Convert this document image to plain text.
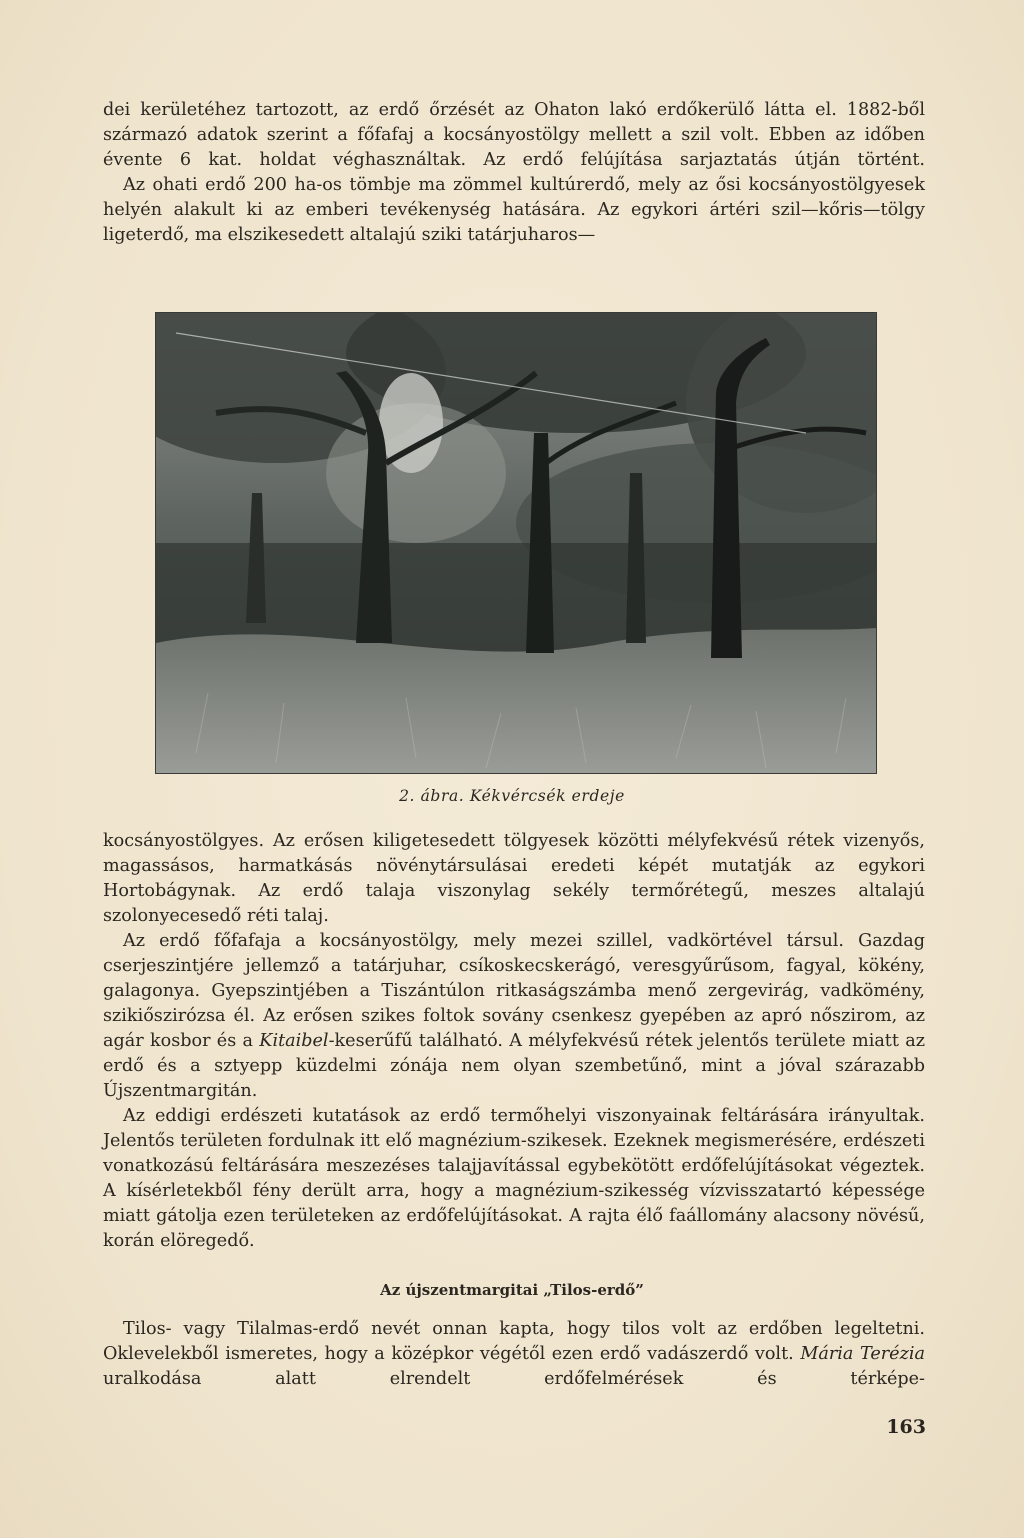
dei kerületéhez tartozott, az erdő őrzését az Ohaton lakó erdőkerülő látta el. 1882-ből származó adatok szerint a főfafaj a kocsányostölgy mellett a szil volt. Ebben az időben évente 6 kat. holdat véghasználtak. Az erdő felújítása sarjaztatás útján történt.

Az ohati erdő 200 ha-os tömbje ma zömmel kultúrerdő, mely az ősi kocsányostölgyesek helyén alakult ki az emberi tevékenység hatására. Az egykori ártéri szil—kőris—tölgy ligeterdő, ma elszikesedett altalajú sziki tatárjuharos—

2. ábra. Kékvércsék erdeje

kocsányostölgyes. Az erősen kiligetesedett tölgyesek közötti mélyfekvésű rétek vizenyős, magassásos, harmatkásás növénytársulásai eredeti képét mutatják az egykori Hortobágynak. Az erdő talaja viszonylag sekély termőrétegű, meszes altalajú szolonyecesedő réti talaj.

Az erdő főfafaja a kocsányostölgy, mely mezei szillel, vadkörtével társul. Gazdag cserjeszintjére jellemző a tatárjuhar, csíkoskecskerágó, veresgyűrűsom, fagyal, kökény, galagonya. Gyepszintjében a Tiszántúlon ritkaságszámba menő zergevirág, vadkömény, szikiőszirózsa él. Az erősen szikes foltok sovány csenkesz gyepében az apró nőszirom, az agár kosbor és a Kitaibel-keserűfű található. A mélyfekvésű rétek jelentős területe miatt az erdő és a sztyepp küzdelmi zónája nem olyan szembetűnő, mint a jóval szárazabb Újszentmargitán.

Az eddigi erdészeti kutatások az erdő termőhelyi viszonyainak feltárására irányultak. Jelentős területen fordulnak itt elő magnézium-szikesek. Ezeknek megismerésére, erdészeti vonatkozású feltárására meszezéses talajjavítással egybekötött erdőfelújításokat végeztek. A kísérletekből fény derült arra, hogy a magnézium-szikesség vízvisszatartó képessége miatt gátolja ezen területeken az erdőfelújításokat. A rajta élő faállomány alacsony növésű, korán elöregedő.

Az újszentmargitai „Tilos-erdő”

Tilos- vagy Tilalmas-erdő nevét onnan kapta, hogy tilos volt az erdőben legeltetni. Oklevelekből ismeretes, hogy a középkor végétől ezen erdő vadászerdő volt. Mária Terézia uralkodása alatt elrendelt erdőfelmérések és térképe-

163
